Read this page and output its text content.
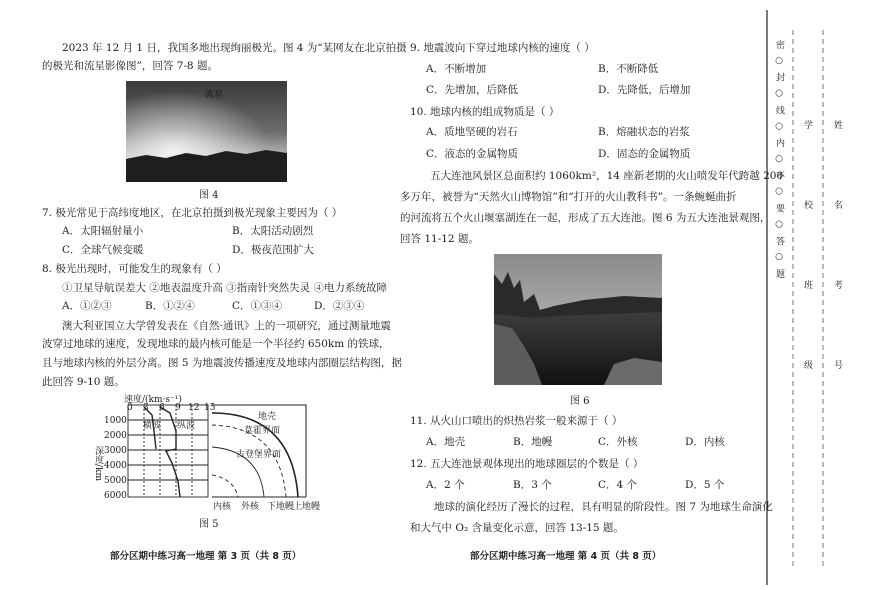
2023 年 12 月 1 日，我国多地出现绚丽极光。图 4 为“某网友在北京拍摄
的极光和流星影像图”，回答 7-8 题。
流星
图 4
7. 极光常见于高纬度地区，在北京拍摄到极光现象主要因为（ ）
A．太阳辐射量小	B．太阳活动剧烈
C．全球气候变暖	D．极夜范围扩大
8. 极光出现时，可能发生的现象有（ ）
①卫星导航误差大 ②地表温度升高 ③指南针突然失灵 ④电力系统故障
A．①②③	B．①②④	C．①③④	D．②③④
澳大利亚国立大学曾发表在《自然·通讯》上的一项研究，通过测量地震
波穿过地球的速度，发现地球的最内核可能是一个半径约 650km 的铁球，
且与地球内核的外层分离。图 5 为地震波传播速度及地球内部圈层结构图，据
此回答 9-10 题。
速度/(km·s⁻¹)
0 3 6 9 12 15
1000
2000
3000
4000
5000
6000
深度/km
横波 纵波
地壳
莫霍界面
古登堡界面
内核 外核 下地幔
上地幔
图 5
部分区期中练习高一地理 第 3 页（共 8 页）
9. 地震波向下穿过地球内核的速度（ ）
A．不断增加	B．不断降低
C．先增加，后降低	D．先降低，后增加
10. 地球内核的组成物质是（ ）
A．质地坚硬的岩石	B．熔融状态的岩浆
C．液态的金属物质	D．固态的金属物质
五大连池风景区总面积约 1060km²，14 座新老期的火山喷发年代跨越 200
多万年，被誉为“天然火山博物馆”和“打开的火山教科书”。一条蜿蜒曲折
的河流将五个火山堰塞湖连在一起，形成了五大连池。图 6 为五大连池景观图，
回答 11-12 题。
图 6
11. 从火山口喷出的炽热岩浆一般来源于（ ）
A．地壳	B．地幔	C．外核	D．内核
12. 五大连池景观体现出的地球圈层的个数是（ ）
A．2 个	B．3 个	C．4 个	D．5 个
地球的演化经历了漫长的过程，具有明显的阶段性。图 7 为地球生命演化
和大气中 O₂ 含量变化示意，回答 13-15 题。
部分区期中练习高一地理 第 4 页（共 8 页）
密 ○ 封 ○ 线 ○ 内 ○ 不 ○ 要 ○ 答 ○ 题 学
校
班
级
姓
名
考
号
